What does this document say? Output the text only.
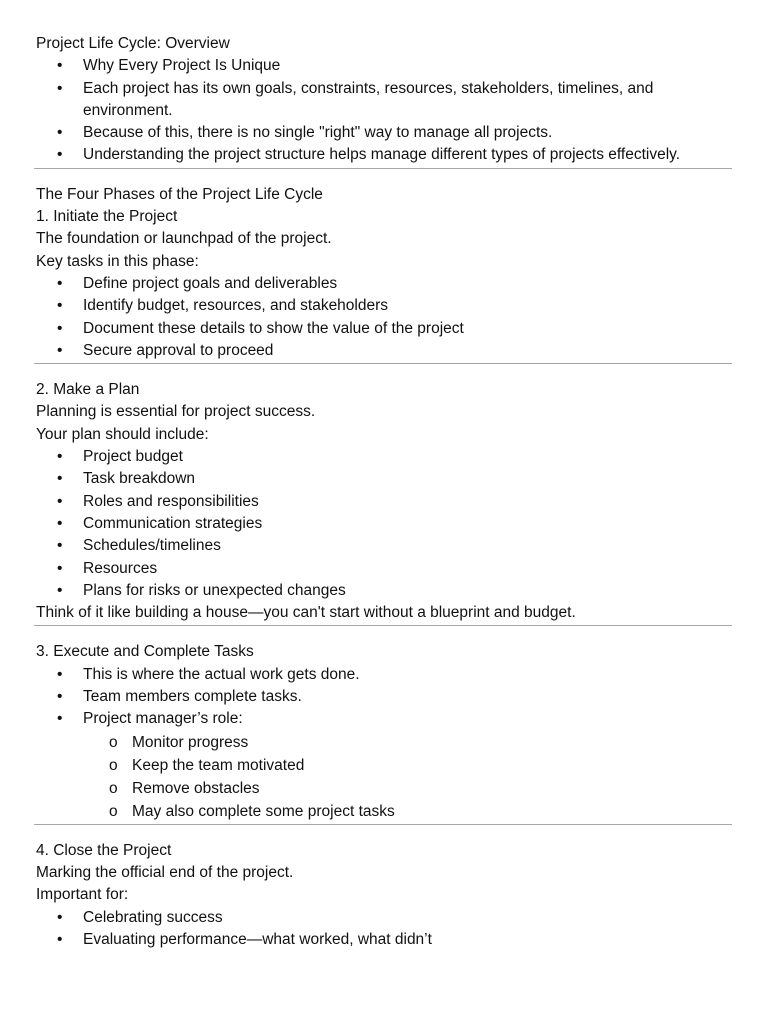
Project Life Cycle: Overview
• Why Every Project Is Unique
• Each project has its own goals, constraints, resources, stakeholders, timelines, and environment.
• Because of this, there is no single "right" way to manage all projects.
• Understanding the project structure helps manage different types of projects effectively.
The Four Phases of the Project Life Cycle
1. Initiate the Project
The foundation or launchpad of the project.
Key tasks in this phase:
• Define project goals and deliverables
• Identify budget, resources, and stakeholders
• Document these details to show the value of the project
• Secure approval to proceed
2. Make a Plan
Planning is essential for project success.
Your plan should include:
• Project budget
• Task breakdown
• Roles and responsibilities
• Communication strategies
• Schedules/timelines
• Resources
• Plans for risks or unexpected changes
Think of it like building a house—you can't start without a blueprint and budget.
3. Execute and Complete Tasks
• This is where the actual work gets done.
• Team members complete tasks.
• Project manager’s role:
o Monitor progress
o Keep the team motivated
o Remove obstacles
o May also complete some project tasks
4. Close the Project
Marking the official end of the project.
Important for:
• Celebrating success
• Evaluating performance—what worked, what didn’t
